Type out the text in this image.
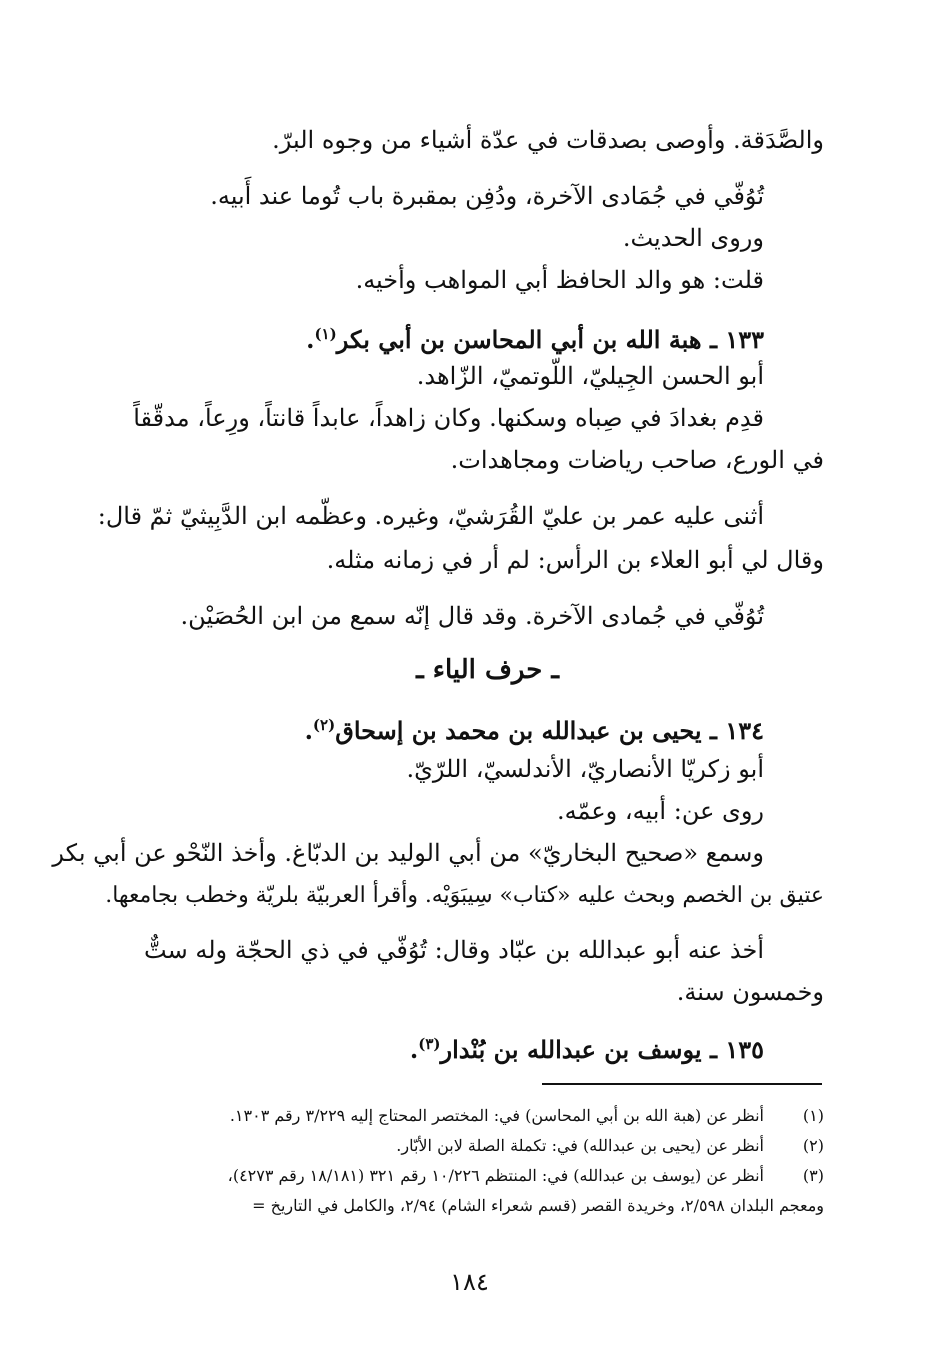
والصَّدَقة. وأوصى بصدقات في عدّة أشياء من وجوه البرّ.
تُوُفّي في جُمَادى الآخرة، ودُفِن بمقبرة باب تُوما عند أَبيه.
وروى الحديث.
قلت: هو والد الحافظ أبي المواهب وأخيه.
١٣٣ ـ هبة الله بن أبي المحاسن بن أبي بكر$^{(١)}$.
أبو الحسن الجِيليّ، اللّوتميّ، الزّاهد.
قدِم بغدادَ في صِباه وسكنها. وكان زاهداً، عابداً قانتاً، ورِعاً، مدقّقاً
في الورع، صاحب رياضات ومجاهدات.
أثنى عليه عمر بن عليّ القُرَشيّ، وغيره. وعظّمه ابن الدَّبِيثيّ ثمّ قال:
وقال لي أبو العلاء بن الرأس: لم أر في زمانه مثله.
تُوُفّي في جُمادى الآخرة. وقد قال إنّه سمع من ابن الحُصَيْن.
ـ حرف الياء ـ
١٣٤ ـ يحيى بن عبدالله بن محمد بن إسحاق$^{(٢)}$.
أبو زكريّا الأنصاريّ، الأندلسيّ، اللرّيّ.
روى عن: أبيه، وعمّه.
وسمع «صحيح البخاريّ» من أبي الوليد بن الدبّاغ. وأخذ النّحْو عن أبي بكر
عتيق بن الخصم وبحث عليه «كتاب» سِيبَوَيْه. وأقرأ العربيّة بلريّة وخطب بجامعها.
أخذ عنه أبو عبدالله بن عبّاد وقال: تُوُفّي في ذي الحجّة وله ستٌّ
وخمسون سنة.
١٣٥ ـ يوسف بن عبدالله بن بُنْدار$^{(٣)}$.
(١)
أنظر عن (هبة الله بن أبي المحاسن) في: المختصر المحتاج إليه ٣/٢٢٩ رقم ١٣٠٣.
(٢)
أنظر عن (يحيى بن عبدالله) في: تكملة الصلة لابن الأبّار.
(٣)
أنظر عن (يوسف بن عبدالله) في: المنتظم ١٠/٢٢٦ رقم ٣٢١ (١٨/١٨١ رقم ٤٢٧٣)،
ومعجم البلدان ٢/٥٩٨، وخريدة القصر (قسم شعراء الشام) ٢/٩٤، والكامل في التاريخ =
١٨٤
